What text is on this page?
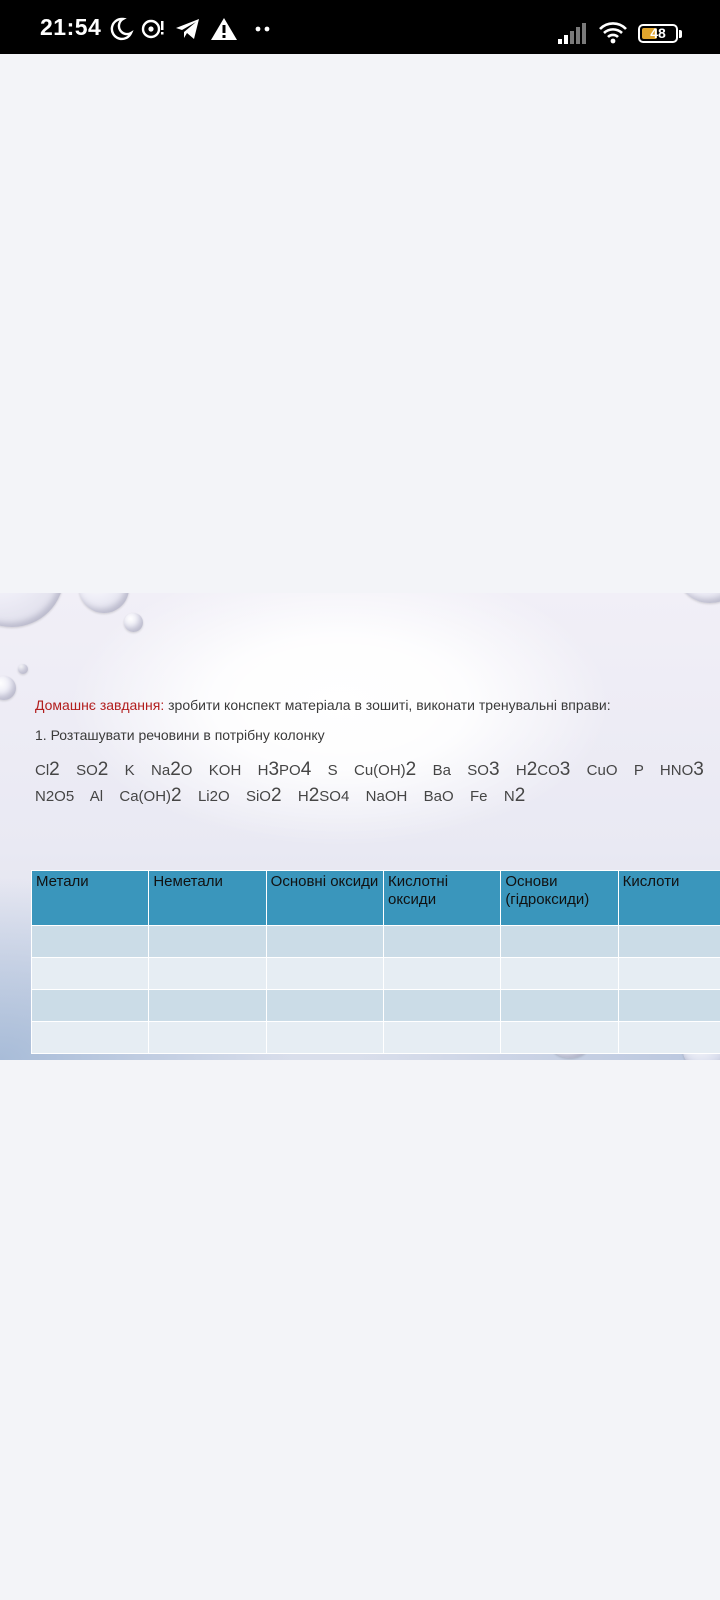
21:54	48
Домашнє завдання: зробити конспект матеріала в зошиті, виконати тренувальні вправи:
1. Розташувати речовини в потрібну колонку
Cl2  SO2  K  Na2O  KOH  H3PO4  S  Cu(OH)2  Ba  SO3  H2CO3  CuO  P  HNO3  N2O5  Al  Ca(OH)2  Li2O  SiO2  H2SO4  NaOH  BaO  Fe  N2
Метали	Неметали	Основні оксиди	Кислотні оксиди	Основи (гідроксиди)	Кислоти
